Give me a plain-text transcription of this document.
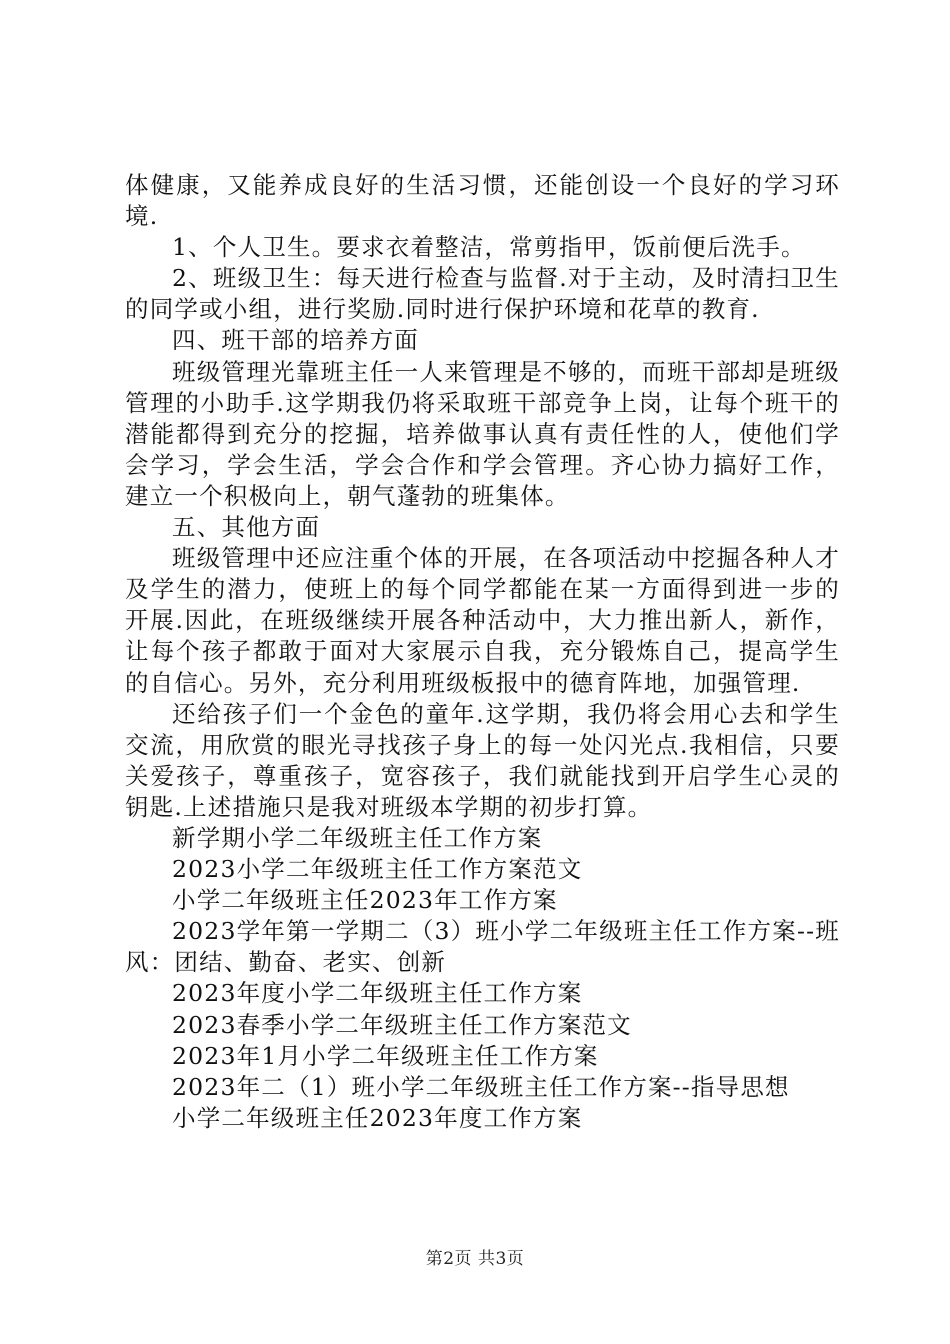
体健康，又能养成良好的生活习惯，还能创设一个良好的学习环境.

1、个人卫生。要求衣着整洁，常剪指甲，饭前便后洗手。

2、班级卫生：每天进行检查与监督.对于主动，及时清扫卫生的同学或小组，进行奖励.同时进行保护环境和花草的教育.

四、班干部的培养方面

班级管理光靠班主任一人来管理是不够的，而班干部却是班级管理的小助手.这学期我仍将采取班干部竞争上岗，让每个班干的潜能都得到充分的挖掘，培养做事认真有责任性的人，使他们学会学习，学会生活，学会合作和学会管理。齐心协力搞好工作，建立一个积极向上，朝气蓬勃的班集体。

五、其他方面

班级管理中还应注重个体的开展，在各项活动中挖掘各种人才及学生的潜力，使班上的每个同学都能在某一方面得到进一步的开展.因此，在班级继续开展各种活动中，大力推出新人，新作，让每个孩子都敢于面对大家展示自我，充分锻炼自己，提高学生的自信心。另外，充分利用班级板报中的德育阵地，加强管理.

还给孩子们一个金色的童年.这学期，我仍将会用心去和学生交流，用欣赏的眼光寻找孩子身上的每一处闪光点.我相信，只要关爱孩子，尊重孩子，宽容孩子，我们就能找到开启学生心灵的钥匙.上述措施只是我对班级本学期的初步打算。

新学期小学二年级班主任工作方案

2023小学二年级班主任工作方案范文

小学二年级班主任2023年工作方案

2023学年第一学期二（3）班小学二年级班主任工作方案--班风：团结、勤奋、老实、创新

2023年度小学二年级班主任工作方案

2023春季小学二年级班主任工作方案范文

2023年1月小学二年级班主任工作方案

2023年二（1）班小学二年级班主任工作方案--指导思想

小学二年级班主任2023年度工作方案

第2页 共3页
